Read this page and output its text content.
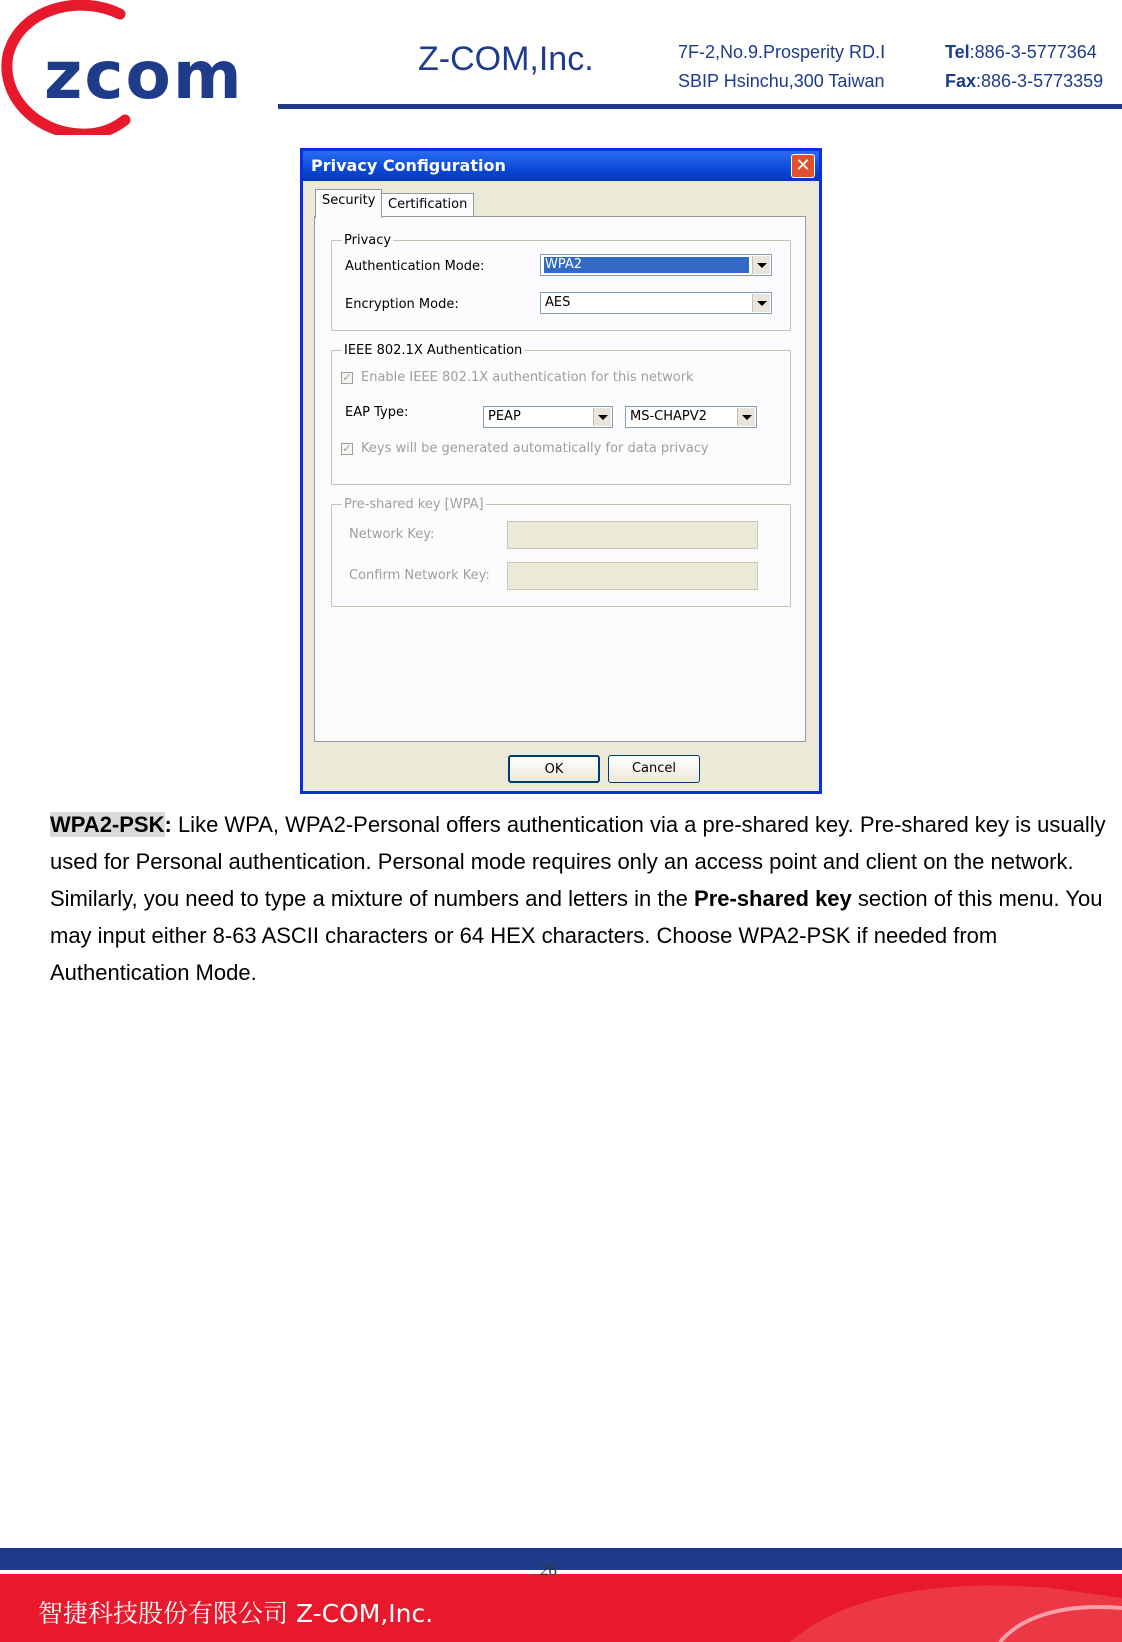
zcom	Z-COM,Inc.	7F-2,No.9.Prosperity RD.Ⅰ
SBIP Hsinchu,300 Taiwan
Tel:886-3-5777364
Fax:886-3-5773359
Privacy Configuration	✕
Security Certification
Privacy
Authentication Mode:	WPA2
Encryption Mode:	AES
IEEE 802.1X Authentication
✓ Enable IEEE 802.1X authentication for this network
EAP Type:	PEAP	MS-CHAPV2
✓ Keys will be generated automatically for data privacy
Pre-shared key [WPA]
Network Key:
Confirm Network Key:
OK	Cancel
WPA2-PSK: Like WPA, WPA2-Personal offers authentication via a pre-shared key. Pre-shared key is usually used for Personal authentication. Personal mode requires only an access point and client on the network. Similarly, you need to type a mixture of numbers and letters in the Pre-shared key section of this menu. You may input either 8-63 ASCII characters or 64 HEX characters. Choose WPA2-PSK if needed from Authentication Mode.
28
智捷科技股份有限公司 Z-COM,Inc.
